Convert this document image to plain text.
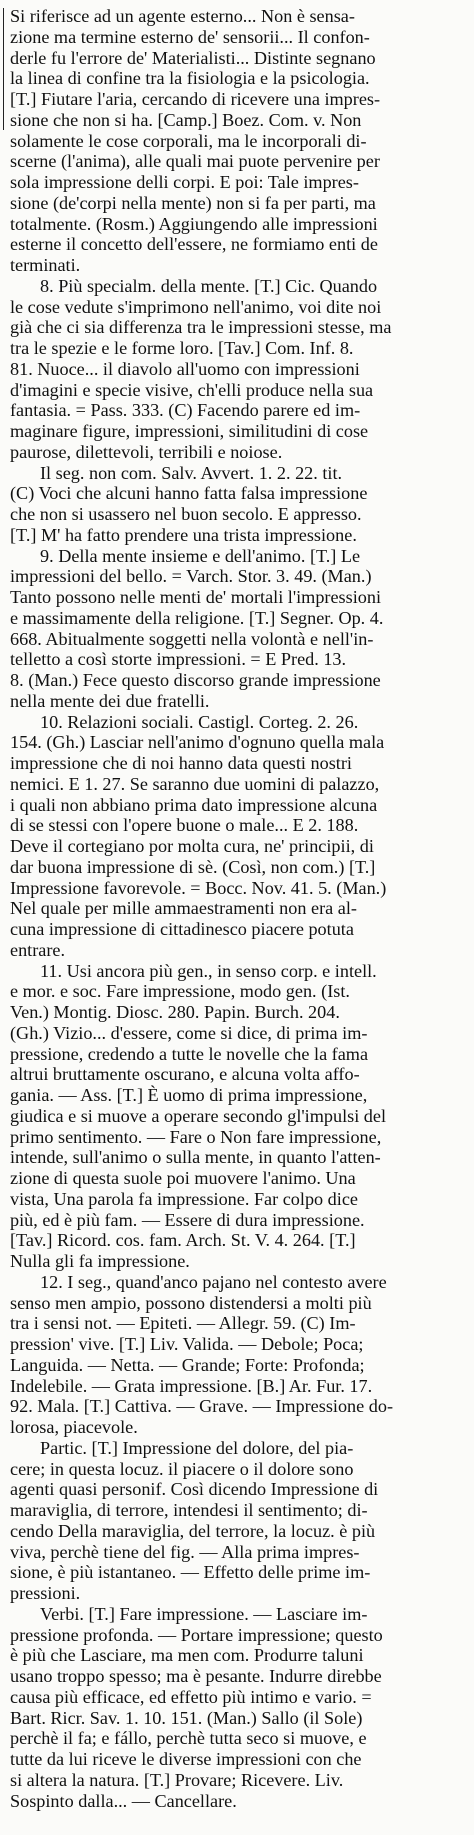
Si riferisce ad un agente esterno... Non è sensa-
zione ma termine esterno de' sensorii... Il confon-
derle fu l'errore de' Materialisti... Distinte segnano
la linea di confine tra la fisiologia e la psicologia.
[T.] Fiutare l'aria, cercando di ricevere una impres-
sione che non si ha. [Camp.] Boez. Com. v. Non
solamente le cose corporali, ma le incorporali di-
scerne (l'anima), alle quali mai puote pervenire per
sola impressione delli corpi. E poi: Tale impres-
sione (de'corpi nella mente) non si fa per parti, ma
totalmente. (Rosm.) Aggiungendo alle impressioni
esterne il concetto dell'essere, ne formiamo enti de
terminati.
8. Più specialm. della mente. [T.] Cic. Quando
le cose vedute s'imprimono nell'animo, voi dite noi
già che ci sia differenza tra le impressioni stesse, ma
tra le spezie e le forme loro. [Tav.] Com. Inf. 8.
81. Nuoce... il diavolo all'uomo con impressioni
d'imagini e specie visive, ch'elli produce nella sua
fantasia. = Pass. 333. (C) Facendo parere ed im-
maginare figure, impressioni, similitudini di cose
paurose, dilettevoli, terribili e noiose.
Il seg. non com. Salv. Avvert. 1. 2. 22. tit.
(C) Voci che alcuni hanno fatta falsa impressione
che non si usassero nel buon secolo. E appresso.
[T.] M' ha fatto prendere una trista impressione.
9. Della mente insieme e dell'animo. [T.] Le
impressioni del bello. = Varch. Stor. 3. 49. (Man.)
Tanto possono nelle menti de' mortali l'impressioni
e massimamente della religione. [T.] Segner. Op. 4.
668. Abitualmente soggetti nella volontà e nell'in-
telletto a così storte impressioni. = E Pred. 13.
8. (Man.) Fece questo discorso grande impressione
nella mente dei due fratelli.
10. Relazioni sociali. Castigl. Corteg. 2. 26.
154. (Gh.) Lasciar nell'animo d'ognuno quella mala
impressione che di noi hanno data questi nostri
nemici. E 1. 27. Se saranno due uomini di palazzo,
i quali non abbiano prima dato impressione alcuna
di se stessi con l'opere buone o male... E 2. 188.
Deve il cortegiano por molta cura, ne' principii, di
dar buona impressione di sè. (Così, non com.) [T.]
Impressione favorevole. = Bocc. Nov. 41. 5. (Man.)
Nel quale per mille ammaestramenti non era al-
cuna impressione di cittadinesco piacere potuta
entrare.
11. Usi ancora più gen., in senso corp. e intell.
e mor. e soc. Fare impressione, modo gen. (Ist.
Ven.) Montig. Diosc. 280. Papin. Burch. 204.
(Gh.) Vizio... d'essere, come si dice, di prima im-
pressione, credendo a tutte le novelle che la fama
altrui bruttamente oscurano, e alcuna volta affo-
gania. — Ass. [T.] È uomo di prima impressione,
giudica e si muove a operare secondo gl'impulsi del
primo sentimento. — Fare o Non fare impressione,
intende, sull'animo o sulla mente, in quanto l'atten-
zione di questa suole poi muovere l'animo. Una
vista, Una parola fa impressione. Far colpo dice
più, ed è più fam. — Essere di dura impressione.
[Tav.] Ricord. cos. fam. Arch. St. V. 4. 264. [T.]
Nulla gli fa impressione.
12. I seg., quand'anco pajano nel contesto avere
senso men ampio, possono distendersi a molti più
tra i sensi not. — Epiteti. — Allegr. 59. (C) Im-
pression' vive. [T.] Liv. Valida. — Debole; Poca;
Languida. — Netta. — Grande; Forte: Profonda;
Indelebile. — Grata impressione. [B.] Ar. Fur. 17.
92. Mala. [T.] Cattiva. — Grave. — Impressione do-
lorosa, piacevole.
Partic. [T.] Impressione del dolore, del pia-
cere; in questa locuz. il piacere o il dolore sono
agenti quasi personif. Così dicendo Impressione di
maraviglia, di terrore, intendesi il sentimento; di-
cendo Della maraviglia, del terrore, la locuz. è più
viva, perchè tiene del fig. — Alla prima impres-
sione, è più istantaneo. — Effetto delle prime im-
pressioni.
Verbi. [T.] Fare impressione. — Lasciare im-
pressione profonda. — Portare impressione; questo
è più che Lasciare, ma men com. Produrre taluni
usano troppo spesso; ma è pesante. Indurre direbbe
causa più efficace, ed effetto più intimo e vario. =
Bart. Ricr. Sav. 1. 10. 151. (Man.) Sallo (il Sole)
perchè il fa; e fállo, perchè tutta seco si muove, e
tutte da lui riceve le diverse impressioni con che
si altera la natura. [T.] Provare; Ricevere. Liv.
Sospinto dalla... — Cancellare.
